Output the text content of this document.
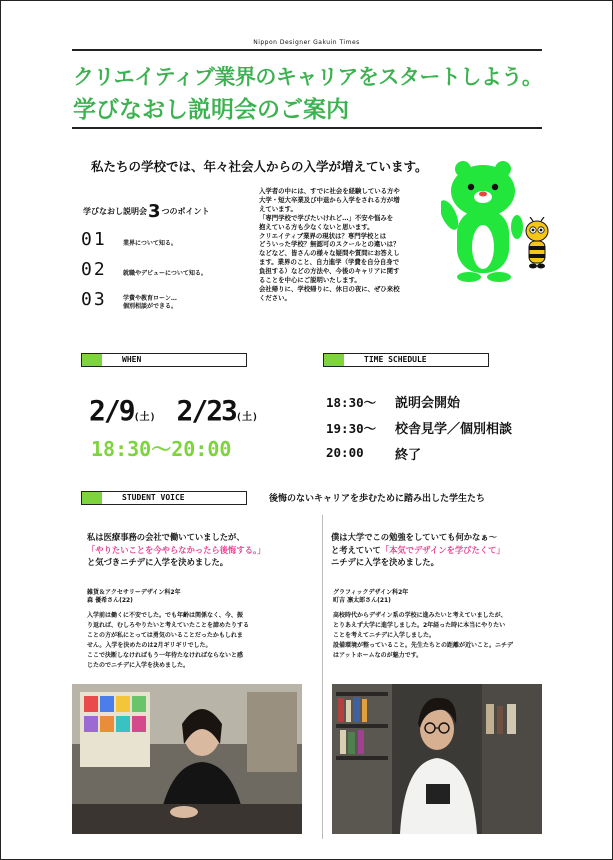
Nippon Designer Gakuin Times
クリエイティブ業界のキャリアをスタートしよう。
学びなおし説明会のご案内
私たちの学校では、年々社会人からの入学が増えています。
学びなおし説明会3つのポイント
01	業界について知る。
02	就職やデビューについて知る。
03	学費や教育ローン…
個別相談ができる。

入学者の中には、すでに社会を経験している方や

大学・短大卒業及び中退から入学をされる方が増

えています。

「専門学校で学びたいけれど…」不安や悩みを

抱えている方も少なくないと思います。

クリエイティブ業界の現状は？専門学校とは

どういった学校？無認可のスクールとの違いは？

などなど、皆さんの様々な疑問や質問にお答えし

ます。業界のこと、自力進学（学費を自分自身で

負担する）などの方法や、今後のキャリアに関す

ることを中心にご説明いたします。

会社帰りに、学校帰りに、休日の夜に、ぜひ来校

ください。

WHEN
2/9(土) 2/23(土)
18:30〜20:00
TIME SCHEDULE
18:30〜 説明会開始
19:30〜 校舎見学／個別相談
20:00 終了
STUDENT VOICE	後悔のないキャリアを歩むために踏み出した学生たち

私は医療事務の会社で働いていましたが、

「やりたいことを今やらなかったら後悔する。」

と気づきニチデに入学を決めました。

雑貨＆アクセサリーデザイン科2年
森 優希さん(22)

入学前は働くに不安でした。でも年齢は関係なく、今、振

り返れば、むしろやりたいと考えていたことを諦めたりする

ことの方が私にとっては勇気のいることだったかもしれま

せん。入学を決めたのは2月ギリギリでした。

ここで決断しなければもう一年待たなければならないと感

じたのでニチデに入学を決めました。

僕は大学でこの勉強をしていても何かなぁ～

と考えていて「本気でデザインを学びたくて」

ニチデに入学を決めました。

グラフィックデザイン科2年
町吉 凛太郎さん(21)

高校時代からデザイン系の学校に進みたいと考えていましたが、

とりあえず大学に進学しました。2年経った時に本当にやりたい

ことを考えてニチデに入学しました。

設備環境が整っていること。先生たちとの距離が近いこと。ニチデ

はアットホームなのが魅力です。
